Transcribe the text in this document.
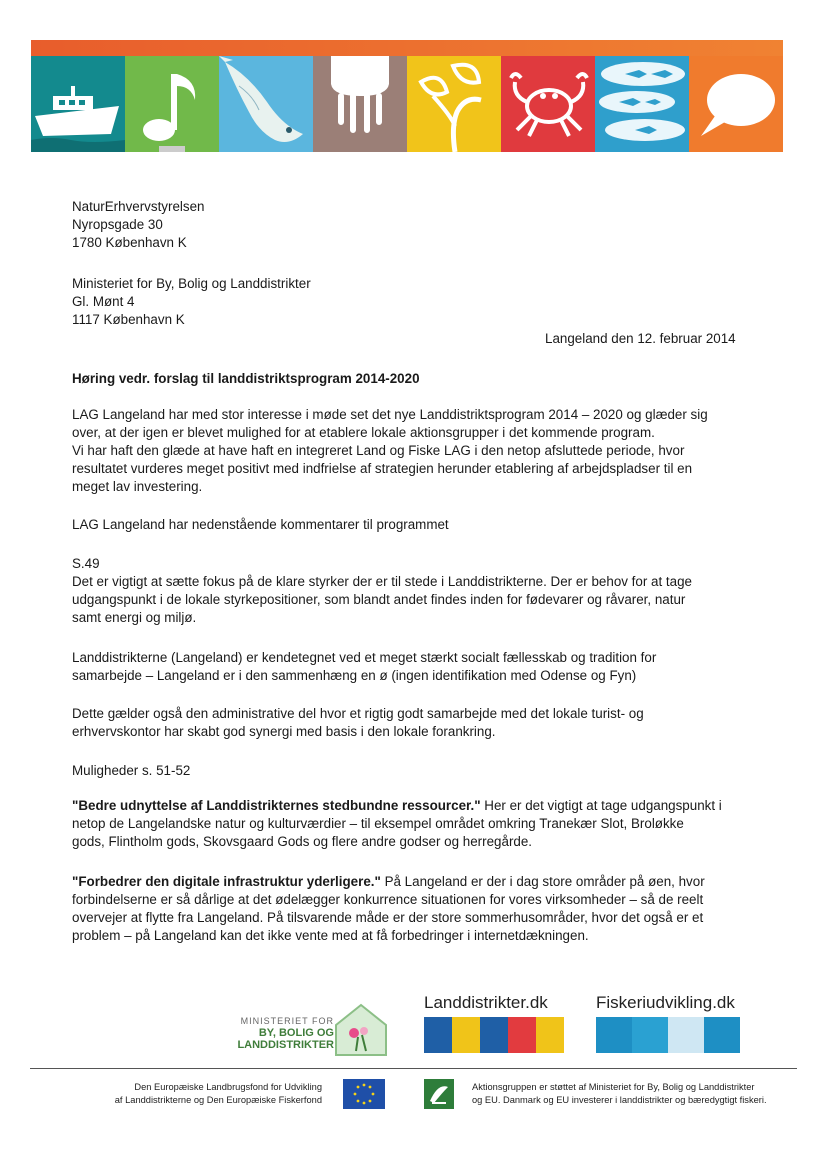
NaturErhvervstyrelsen
Nyropsgade 30
1780 København K
Ministeriet for By, Bolig og Landdistrikter
Gl. Mønt 4
1117 København K
Langeland den 12. februar 2014
Høring vedr. forslag til landdistriktsprogram 2014-2020
LAG Langeland har med stor interesse i møde set det nye Landdistriktsprogram 2014 – 2020 og glæder sig
over, at der igen er blevet mulighed for at etablere lokale aktionsgrupper i det kommende program.
Vi har haft den glæde at have haft en integreret Land og Fiske LAG i den netop afsluttede periode, hvor
resultatet vurderes meget positivt med indfrielse af strategien herunder etablering af arbejdspladser til en
meget lav investering.
LAG Langeland har nedenstående kommentarer til programmet
S.49
Det er vigtigt at sætte fokus på de klare styrker der er til stede i Landdistrikterne. Der er behov for at tage
udgangspunkt i de lokale styrkepositioner, som blandt andet findes inden for fødevarer og råvarer, natur
samt energi og miljø.
Landdistrikterne (Langeland) er kendetegnet ved et meget stærkt socialt fællesskab og tradition for
samarbejde – Langeland er i den sammenhæng en ø (ingen identifikation med Odense og Fyn)
Dette gælder også den administrative del hvor et rigtig godt samarbejde med det lokale turist- og
erhvervskontor har skabt god synergi med basis i den lokale forankring.
Muligheder s. 51-52
"Bedre udnyttelse af Landdistrikternes stedbundne ressourcer." Her er det vigtigt at tage udgangspunkt i
netop de Langelandske natur og kulturværdier – til eksempel området omkring Tranekær Slot, Broløkke
gods, Flintholm gods, Skovsgaard Gods og flere andre godser og herregårde.
"Forbedrer den digitale infrastruktur yderligere." På Langeland er der i dag store områder på øen, hvor
forbindelserne er så dårlige at det ødelægger konkurrence situationen for vores virksomheder – så de reelt
overvejer at flytte fra Langeland. På tilsvarende måde er der store sommerhusområder, hvor det også er et
problem – på Langeland kan det ikke vente med at få forbedringer i internetdækningen.
MINISTERIET FOR
BY, BOLIG OG
LANDDISTRIKTER
Landdistrikter.dk	Fiskeriudvikling.dk
Den Europæiske Landbrugsfond for Udvikling
af Landdistrikterne og Den Europæiske Fiskerfond
Aktionsgruppen er støttet af Ministeriet for By, Bolig og Landdistrikter
og EU. Danmark og EU investerer i landdistrikter og bæredygtigt fiskeri.
